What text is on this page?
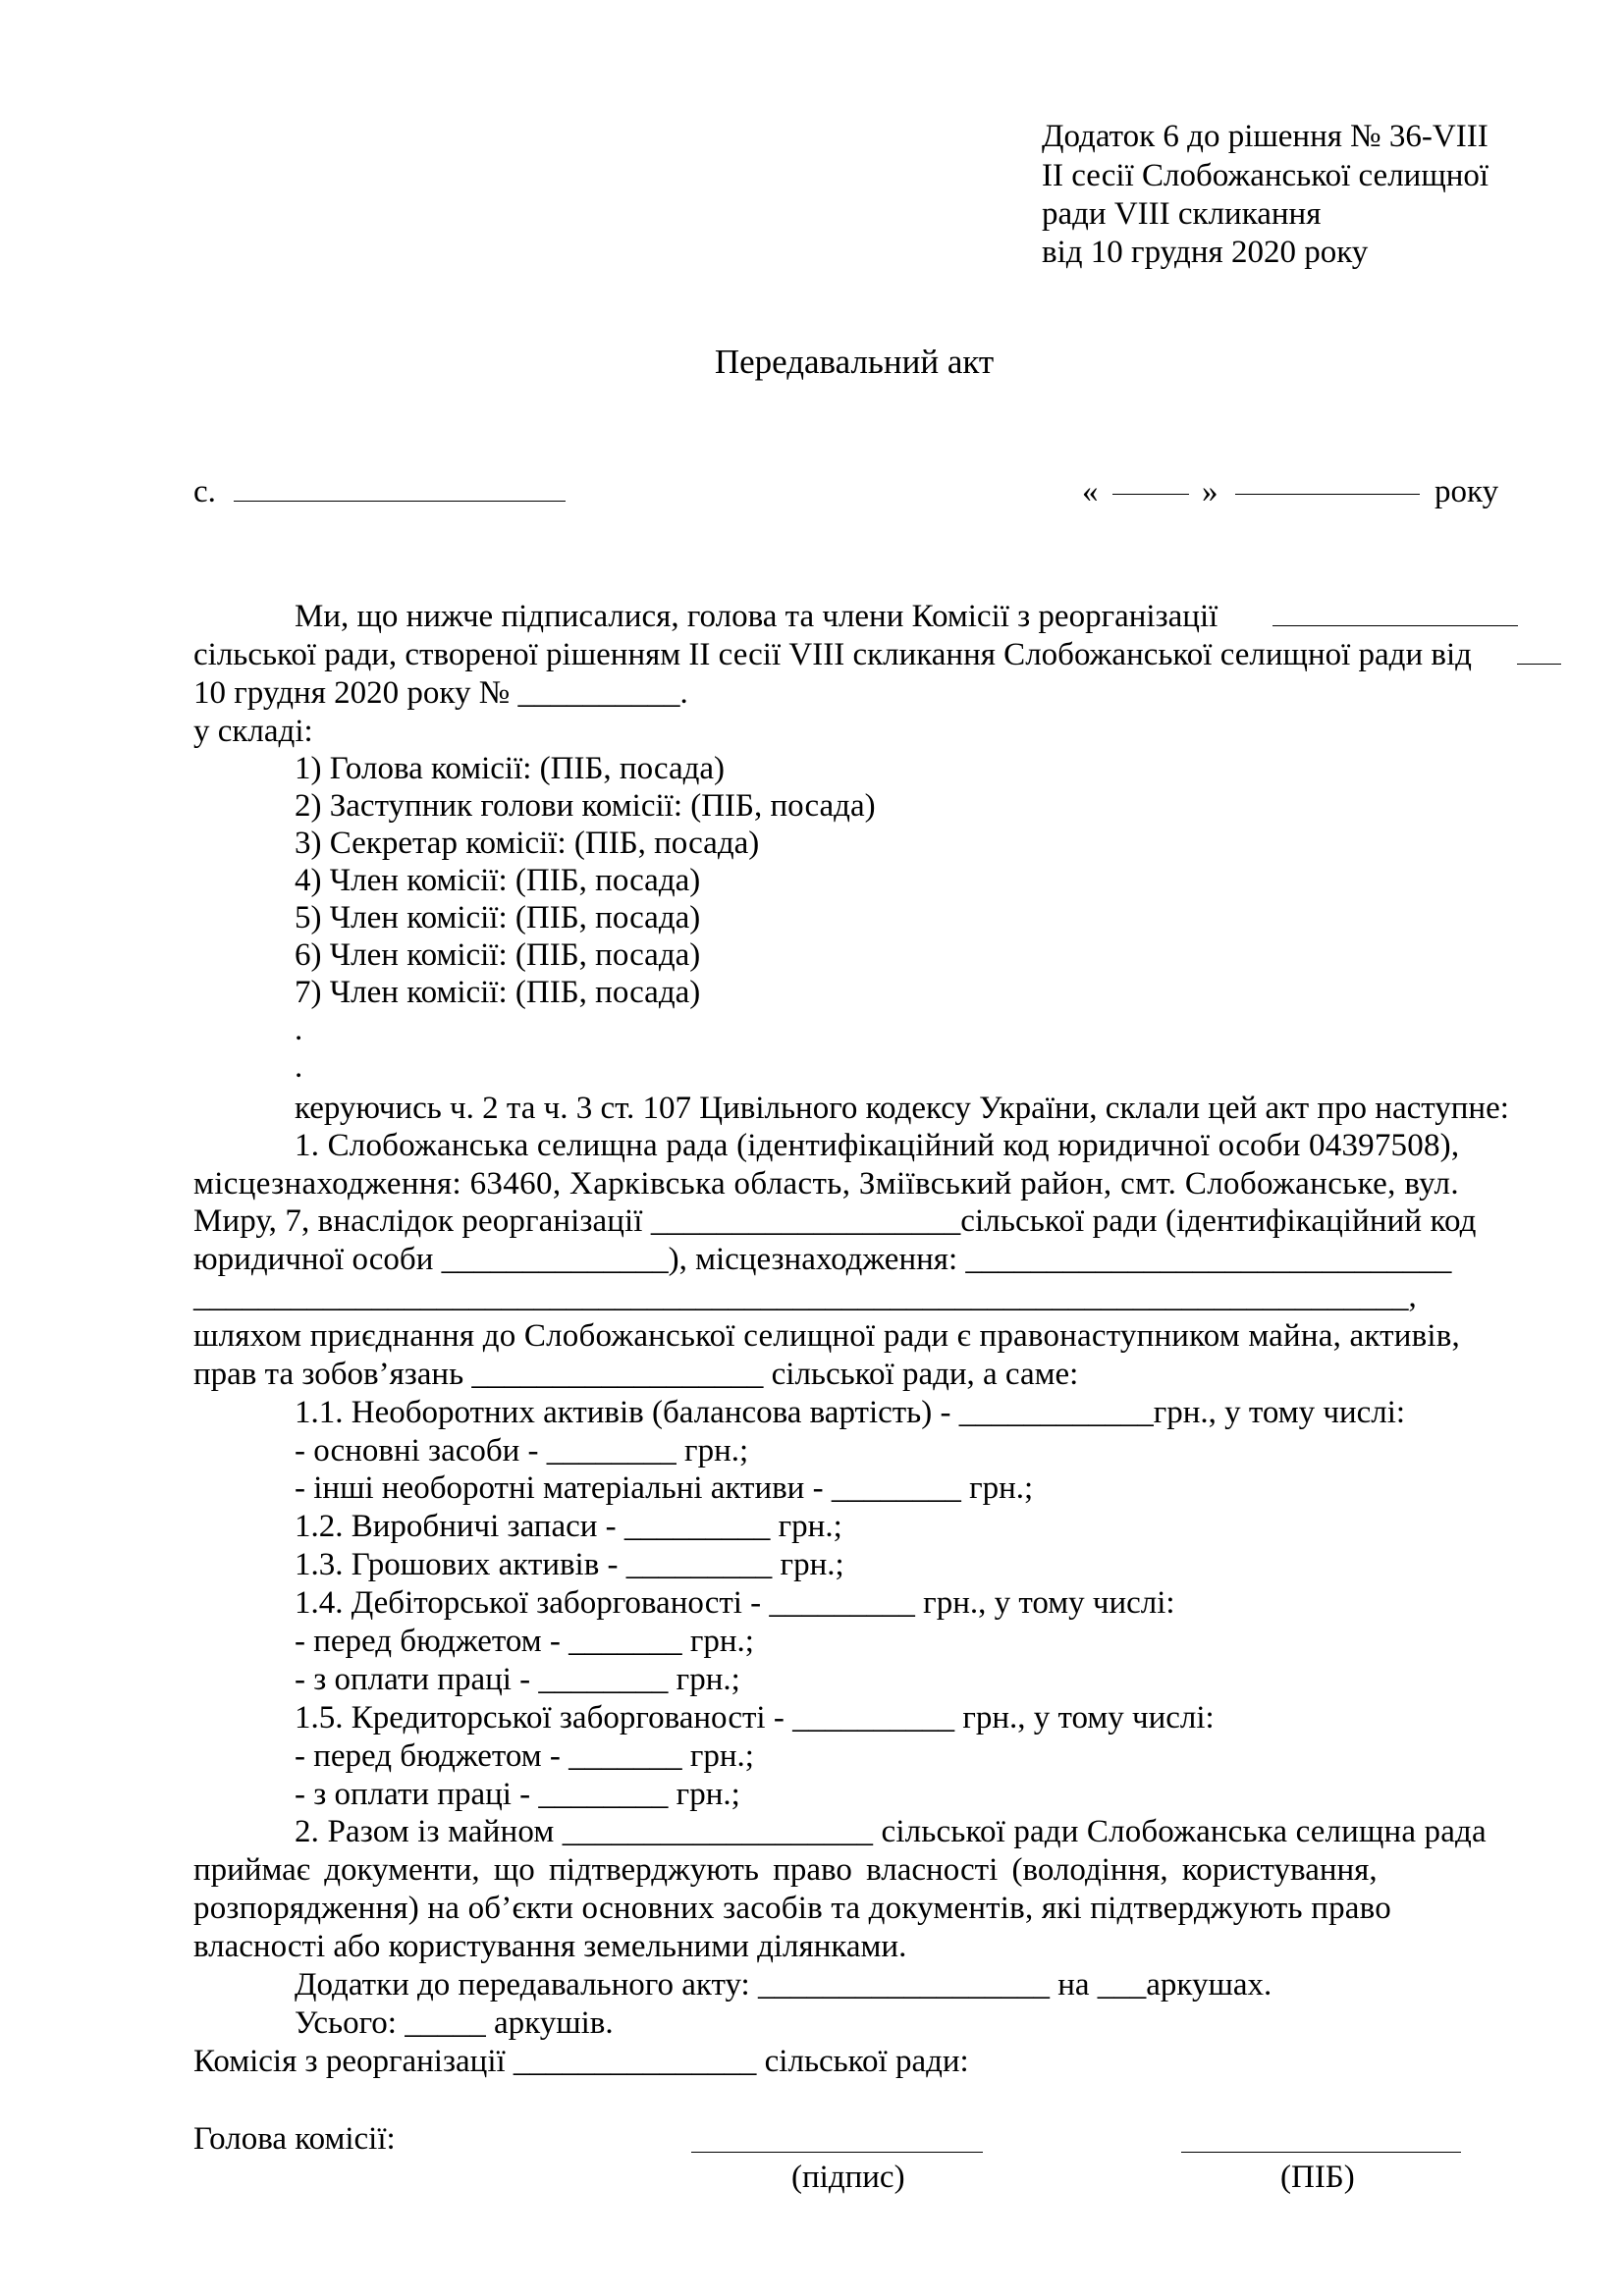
Додаток 6 до рішення № 36-VIII
ІІ сесії Слобожанської селищної
ради VIII скликання
від 10 грудня 2020 року
Передавальний акт
с.	«	»	року
Ми, що нижче підписалися, голова та члени Комісії з реорганізації
сільської ради, створеної рішенням ІІ сесії VIII скликання Слобожанської селищної ради від
10 грудня 2020 року № __________.
у складі:
1) Голова комісії: (ПІБ, посада)
2) Заступник голови комісії: (ПІБ, посада)
3) Секретар комісії: (ПІБ, посада)
4) Член комісії: (ПІБ, посада)
5) Член комісії: (ПІБ, посада)
6) Член комісії: (ПІБ, посада)
7) Член комісії: (ПІБ, посада)
.
.
керуючись ч. 2 та ч. 3 ст. 107 Цивільного кодексу України, склали цей акт про наступне:
1. Слобожанська селищна рада (ідентифікаційний код юридичної особи 04397508),
місцезнаходження: 63460, Харківська область, Зміївський район, смт. Слобожанське, вул.
Миру, 7, внаслідок реорганізації ___________________сільської ради (ідентифікаційний код
юридичної особи ______________), місцезнаходження: ______________________________
___________________________________________________________________________,
шляхом приєднання до Слобожанської селищної ради є правонаступником майна, активів,
прав та зобов’язань __________________ сільської ради, а саме:
1.1. Необоротних активів (балансова вартість) - ____________грн., у тому числі:
- основні засоби - ________ грн.;
- інші необоротні матеріальні активи - ________ грн.;
1.2. Виробничі запаси - _________ грн.;
1.3. Грошових активів - _________ грн.;
1.4. Дебіторської заборгованості - _________ грн., у тому числі:
- перед бюджетом - _______ грн.;
- з оплати праці - ________ грн.;
1.5. Кредиторської заборгованості - __________ грн., у тому числі:
- перед бюджетом - _______ грн.;
- з оплати праці - ________ грн.;
2. Разом із майном ___________________ сільської ради Слобожанська селищна рада
приймає документи, що підтверджують право власності (володіння, користування,
розпорядження) на об’єкти основних засобів та документів, які підтверджують право
власності або користування земельними ділянками.
Додатки до передавального акту: __________________ на ___аркушах.
Усього: _____ аркушів.
Комісія з реорганізації _______________ сільської ради:
Голова комісії:
(підпис)	(ПІБ)
